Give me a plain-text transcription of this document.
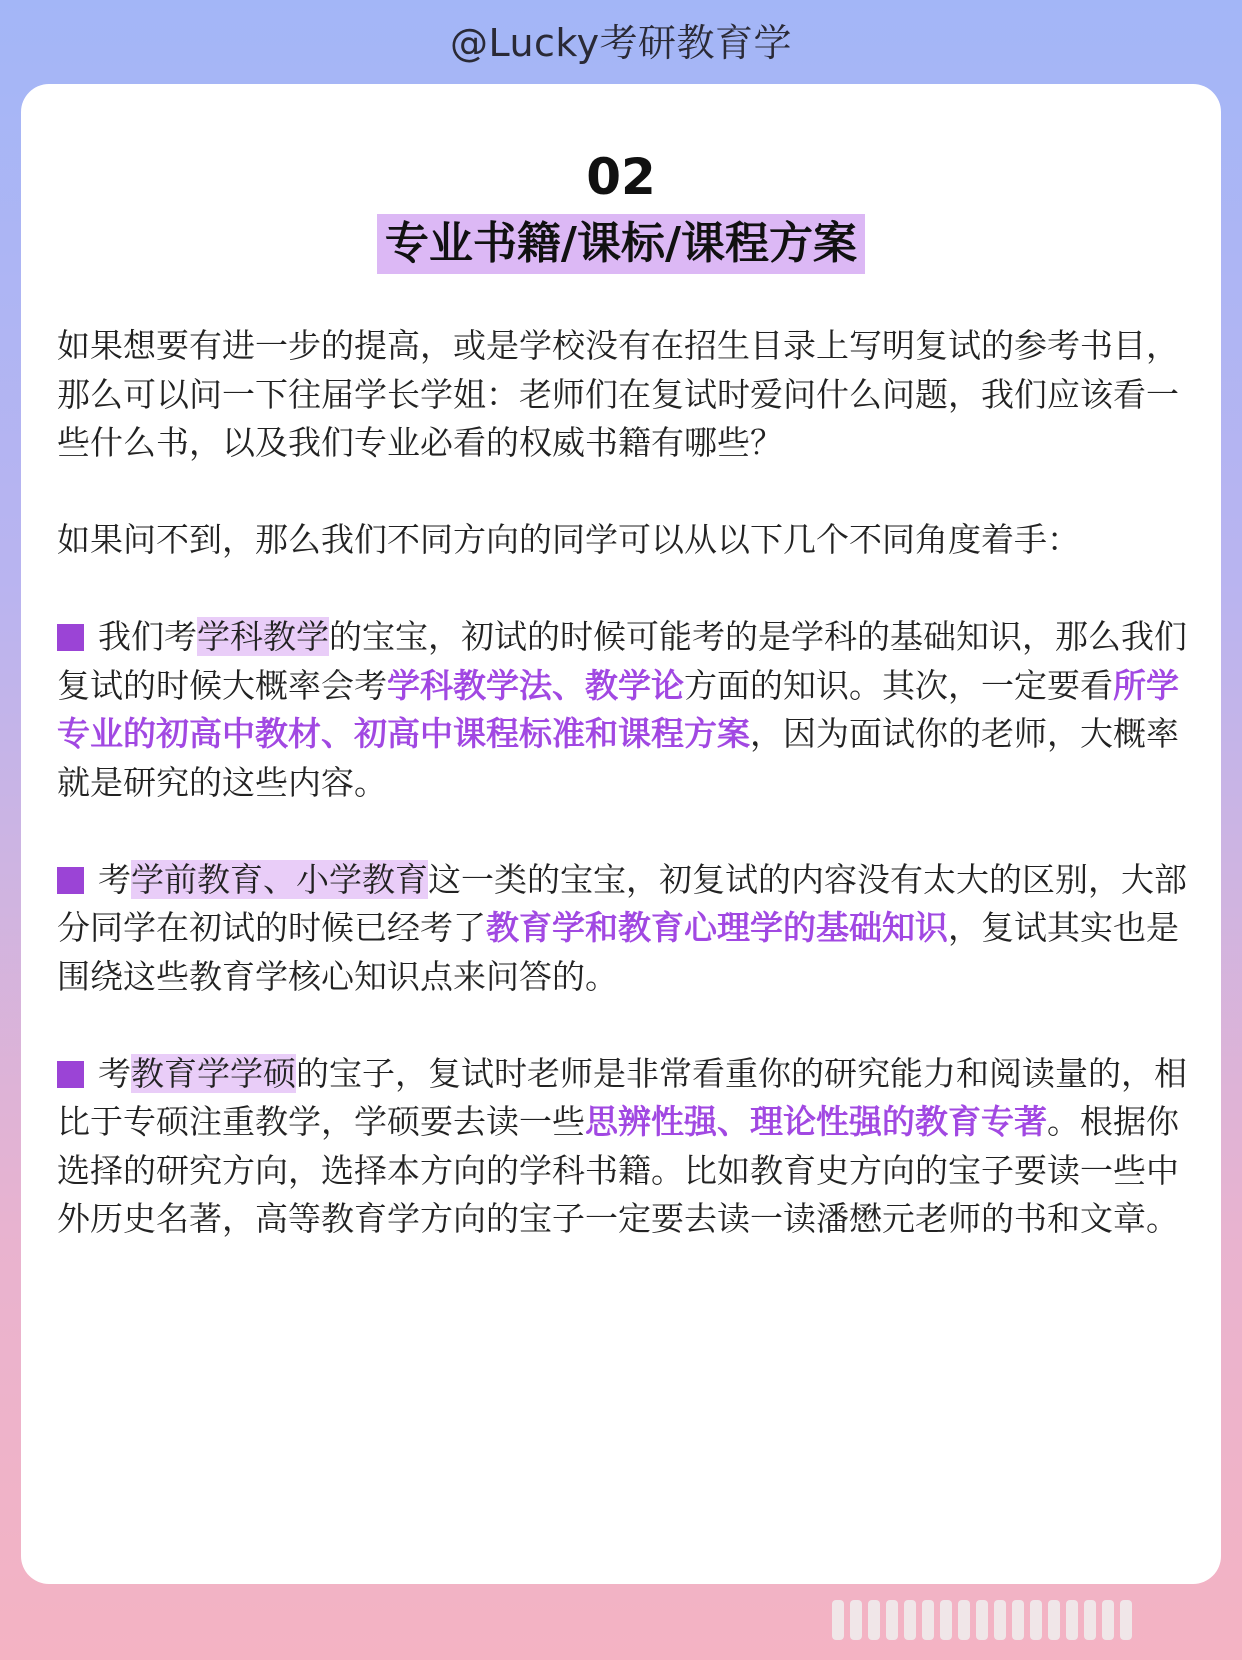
@Lucky考研教育学
02
专业书籍/课标/课程方案

如果想要有进一步的提高，或是学校没有在招生目录上写明复试的参考书目，那么可以问一下往届学长学姐：老师们在复试时爱问什么问题，我们应该看一些什么书，以及我们专业必看的权威书籍有哪些？

如果问不到，那么我们不同方向的同学可以从以下几个不同角度着手：

我们考学科教学的宝宝，初试的时候可能考的是学科的基础知识，那么我们复试的时候大概率会考学科教学法、教学论方面的知识。其次，一定要看所学专业的初高中教材、初高中课程标准和课程方案，因为面试你的老师，大概率就是研究的这些内容。

考学前教育、小学教育这一类的宝宝，初复试的内容没有太大的区别，大部分同学在初试的时候已经考了教育学和教育心理学的基础知识，复试其实也是围绕这些教育学核心知识点来问答的。

考教育学学硕的宝子，复试时老师是非常看重你的研究能力和阅读量的，相比于专硕注重教学，学硕要去读一些思辨性强、理论性强的教育专著。根据你选择的研究方向，选择本方向的学科书籍。比如教育史方向的宝子要读一些中外历史名著，高等教育学方向的宝子一定要去读一读潘懋元老师的书和文章。
